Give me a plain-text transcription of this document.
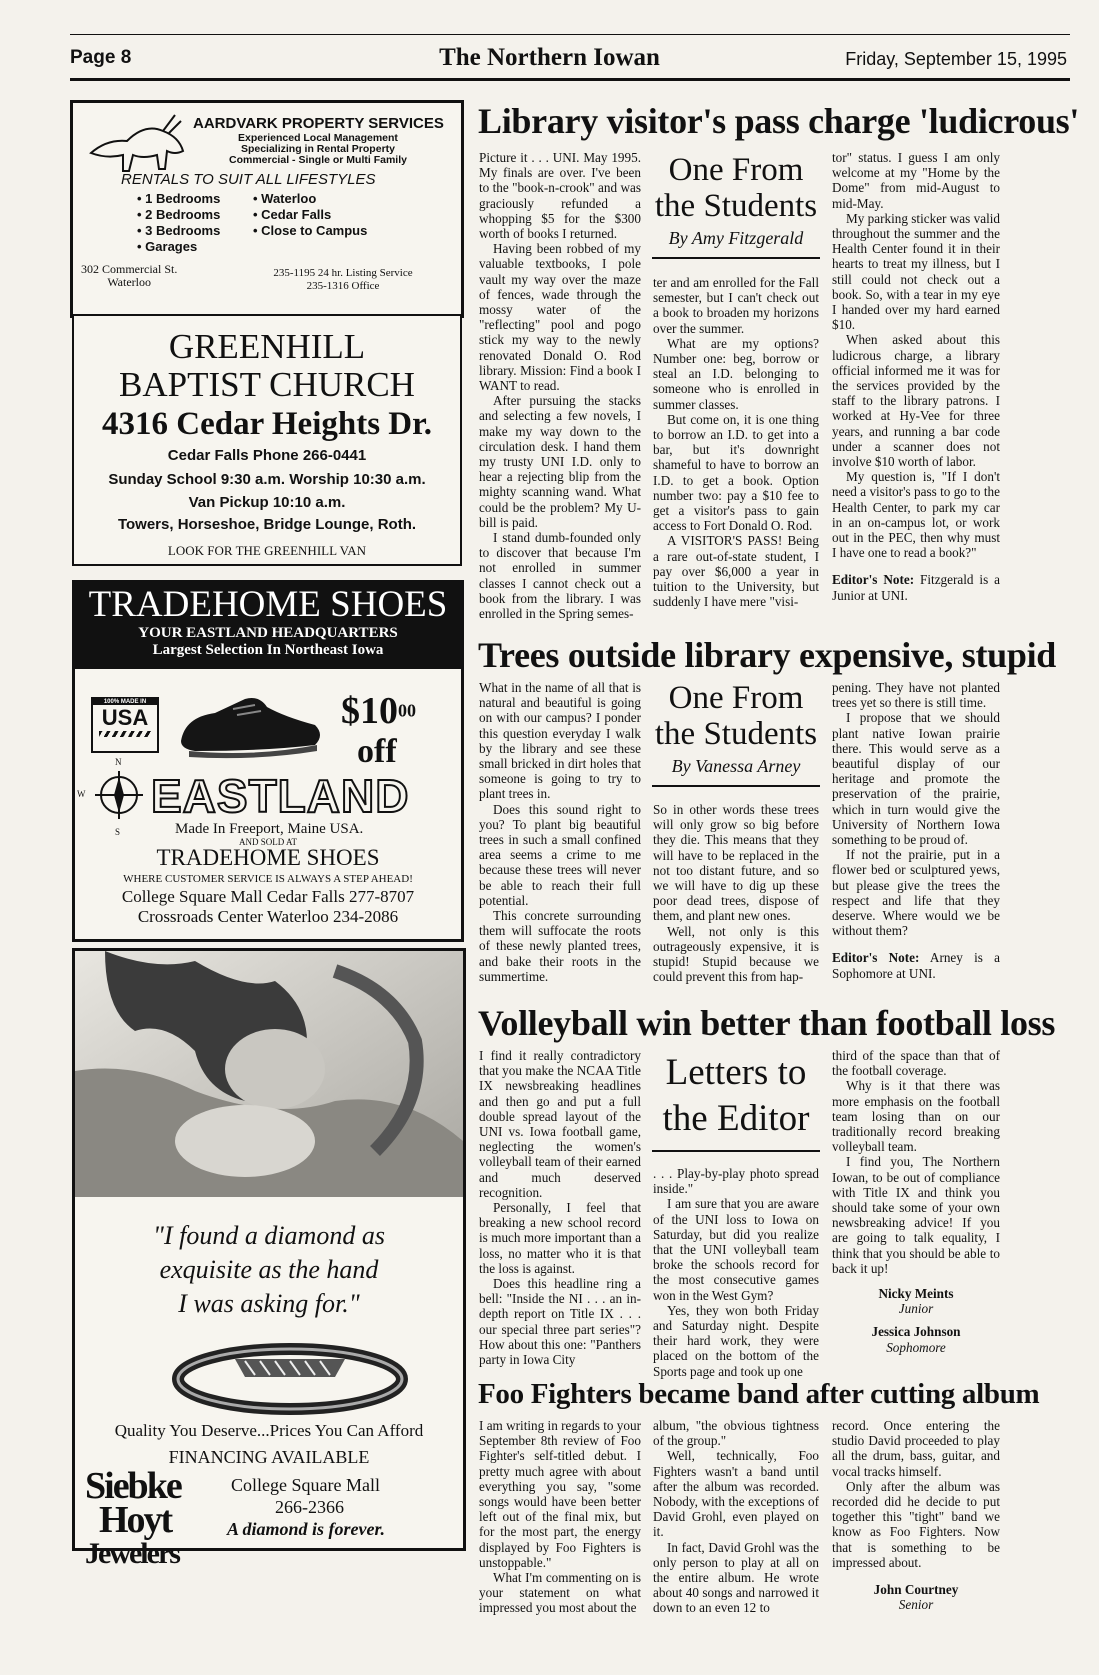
Page 8	The Northern Iowan	Friday, September 15, 1995
AARDVARK PROPERTY SERVICES
Experienced Local Management
Specializing in Rental Property
Commercial - Single or Multi Family
RENTALS TO SUIT ALL LIFESTYLES
• 1 Bedrooms
• 2 Bedrooms
• 3 Bedrooms
• Garages
• Waterloo
• Cedar Falls
• Close to Campus
302 Commercial St.
Waterloo
235-1195 24 hr. Listing Service
235-1316 Office
GREENHILL
BAPTIST CHURCH
4316 Cedar Heights Dr.
Cedar Falls Phone 266-0441
Sunday School 9:30 a.m. Worship 10:30 a.m.
Van Pickup 10:10 a.m.
Towers, Horseshoe, Bridge Lounge, Roth.
LOOK FOR THE GREENHILL VAN
TRADEHOME SHOES
YOUR EASTLAND HEADQUARTERS
Largest Selection In Northeast Iowa
100% MADE IN
USA	$\$10^{00}$
off
N
W
S
EASTLAND
Made In Freeport, Maine USA.
AND SOLD AT
TRADEHOME SHOES
WHERE CUSTOMER SERVICE IS ALWAYS A STEP AHEAD!
College Square Mall Cedar Falls 277-8707
Crossroads Center Waterloo 234-2086
"I found a diamond as
exquisite as the hand
I was asking for."
Quality You Deserve...Prices You Can Afford
FINANCING AVAILABLE
Siebke
Hoyt
Jewelers
College Square Mall
266-2366
A diamond is forever.
Library visitor's pass charge 'ludicrous'

Picture it . . . UNI. May 1995. My finals are over. I've been to the "book-n-crook" and was graciously refunded a whopping $5 for the $300 worth of books I returned.

Having been robbed of my valuable textbooks, I pole vault my way over the maze of fences, wade through the mossy water of the "reflecting" pool and pogo stick my way to the newly renovated Donald O. Rod library. Mission: Find a book I WANT to read.

After pursuing the stacks and selecting a few novels, I make my way down to the circulation desk. I hand them my trusty UNI I.D. only to hear a rejecting blip from the mighty scanning wand. What could be the problem? My U-bill is paid.

I stand dumb-founded only to discover that because I'm not enrolled in summer classes I cannot check out a book from the library. I was enrolled in the Spring semes-

One From
the Students
By Amy Fitzgerald

ter and am enrolled for the Fall semester, but I can't check out a book to broaden my horizons over the summer.

What are my options? Number one: beg, borrow or steal an I.D. belonging to someone who is enrolled in summer classes.

But come on, it is one thing to borrow an I.D. to get into a bar, but it's downright shameful to have to borrow an I.D. to get a book. Option number two: pay a $10 fee to get a visitor's pass to gain access to Fort Donald O. Rod.

A VISITOR'S PASS! Being a rare out-of-state student, I pay over $6,000 a year in tuition to the University, but suddenly I have mere "visi-

tor" status. I guess I am only welcome at my "Home by the Dome" from mid-August to mid-May.

My parking sticker was valid throughout the summer and the Health Center found it in their hearts to treat my illness, but I still could not check out a book. So, with a tear in my eye I handed over my hard earned $10.

When asked about this ludicrous charge, a library official informed me it was for the services provided by the staff to the library patrons. I worked at Hy-Vee for three years, and running a bar code under a scanner does not involve $10 worth of labor.

My question is, "If I don't need a visitor's pass to go to the Health Center, to park my car in an on-campus lot, or work out in the PEC, then why must I have one to read a book?"

Editor's Note: Fitzgerald is a Junior at UNI.

Trees outside library expensive, stupid

What in the name of all that is natural and beautiful is going on with our campus? I ponder this question everyday I walk by the library and see these small bricked in dirt holes that someone is going to try to plant trees in.

Does this sound right to you? To plant big beautiful trees in such a small confined area seems a crime to me because these trees will never be able to reach their full potential.

This concrete surrounding them will suffocate the roots of these newly planted trees, and bake their roots in the summertime.

One From
the Students
By Vanessa Arney

So in other words these trees will only grow so big before they die. This means that they will have to be replaced in the not too distant future, and so we will have to dig up these poor dead trees, dispose of them, and plant new ones.

Well, not only is this outrageously expensive, it is stupid! Stupid because we could prevent this from hap-

pening. They have not planted trees yet so there is still time.

I propose that we should plant native Iowan prairie there. This would serve as a beautiful display of our heritage and promote the preservation of the prairie, which in turn would give the University of Northern Iowa something to be proud of.

If not the prairie, put in a flower bed or sculptured yews, but please give the trees the respect and life that they deserve. Where would we be without them?

Editor's Note: Arney is a Sophomore at UNI.

Volleyball win better than football loss

I find it really contradictory that you make the NCAA Title IX newsbreaking headlines and then go and put a full double spread layout of the UNI vs. Iowa football game, neglecting the women's volleyball team of their earned and much deserved recognition.

Personally, I feel that breaking a new school record is much more important than a loss, no matter who it is that the loss is against.

Does this headline ring a bell: "Inside the NI . . . an in-depth report on Title IX . . . our special three part series"? How about this one: "Panthers party in Iowa City

Letters to
the Editor

. . . Play-by-play photo spread inside."

I am sure that you are aware of the UNI loss to Iowa on Saturday, but did you realize that the UNI volleyball team broke the schools record for the most consecutive games won in the West Gym?

Yes, they won both Friday and Saturday night. Despite their hard work, they were placed on the bottom of the Sports page and took up one

third of the space than that of the football coverage.

Why is it that there was more emphasis on the football team losing than on our traditionally record breaking volleyball team.

I find you, The Northern Iowan, to be out of compliance with Title IX and think you should take some of your own newsbreaking advice! If you are going to talk equality, I think that you should be able to back it up!

Nicky Meints

Junior

Jessica Johnson

Sophomore

Foo Fighters became band after cutting album

I am writing in regards to your September 8th review of Foo Fighter's self-titled debut. I pretty much agree with about everything you say, "some songs would have been better left out of the final mix, but for the most part, the energy displayed by Foo Fighters is unstoppable."

What I'm commenting on is your statement on what impressed you most about the

album, "the obvious tightness of the group."

Well, technically, Foo Fighters wasn't a band until after the album was recorded. Nobody, with the exceptions of David Grohl, even played on it.

In fact, David Grohl was the only person to play at all on the entire album. He wrote about 40 songs and narrowed it down to an even 12 to

record. Once entering the studio David proceeded to play all the drum, bass, guitar, and vocal tracks himself.

Only after the album was recorded did he decide to put together this "tight" band we know as Foo Fighters. Now that is something to be impressed about.

John Courtney

Senior
